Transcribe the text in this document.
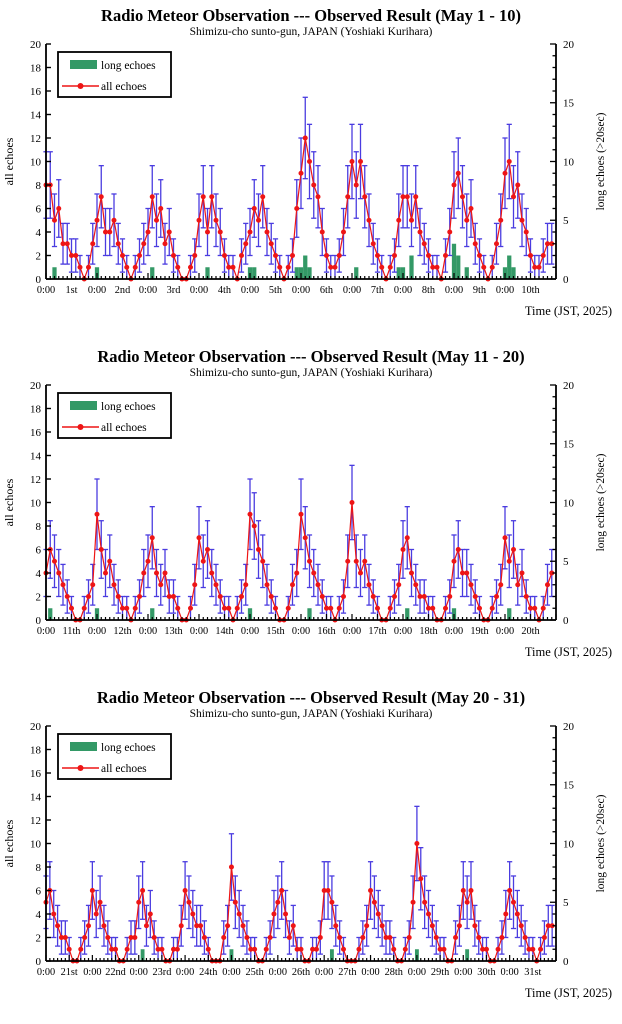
Radio Meteor Observation --- Observed Result (May 1 - 10)
Shimizu-cho sunto-gun, JAPAN (Yoshiaki Kurihara)
0
2
4
6
8
10
12
14
16
18
20
0
5
10
15
20
0:00 1st 0:00 2nd 0:00 3rd 0:00 4th 0:00 5th 0:00 6th 0:00 7th 0:00 8th 0:00 9th 0:00 10th
all echoes	long echoes (>20sec)
long echoes
all echoes
Time (JST, 2025)
Radio Meteor Observation --- Observed Result (May 11 - 20)
Shimizu-cho sunto-gun, JAPAN (Yoshiaki Kurihara)
0
2
4
6
8
10
12
14
16
18
20
0
5
10
15
20
0:00 11th 0:00 12th 0:00 13th 0:00 14th 0:00 15th 0:00 16th 0:00 17th 0:00 18th 0:00 19th 0:00 20th
all echoes	long echoes (>20sec)
long echoes
all echoes
Time (JST, 2025)
Radio Meteor Observation --- Observed Result (May 20 - 31)
Shimizu-cho sunto-gun, JAPAN (Yoshiaki Kurihara)
0
2
4
6
8
10
12
14
16
18
20
0
5
10
15
20
0:00 21st 0:00 22nd 0:00 23rd 0:00 24th 0:00 25th 0:00 26th 0:00 27th 0:00 28th 0:00 29th 0:00 30th 0:00 31st
all echoes	long echoes (>20sec)
long echoes
all echoes
Time (JST, 2025)
